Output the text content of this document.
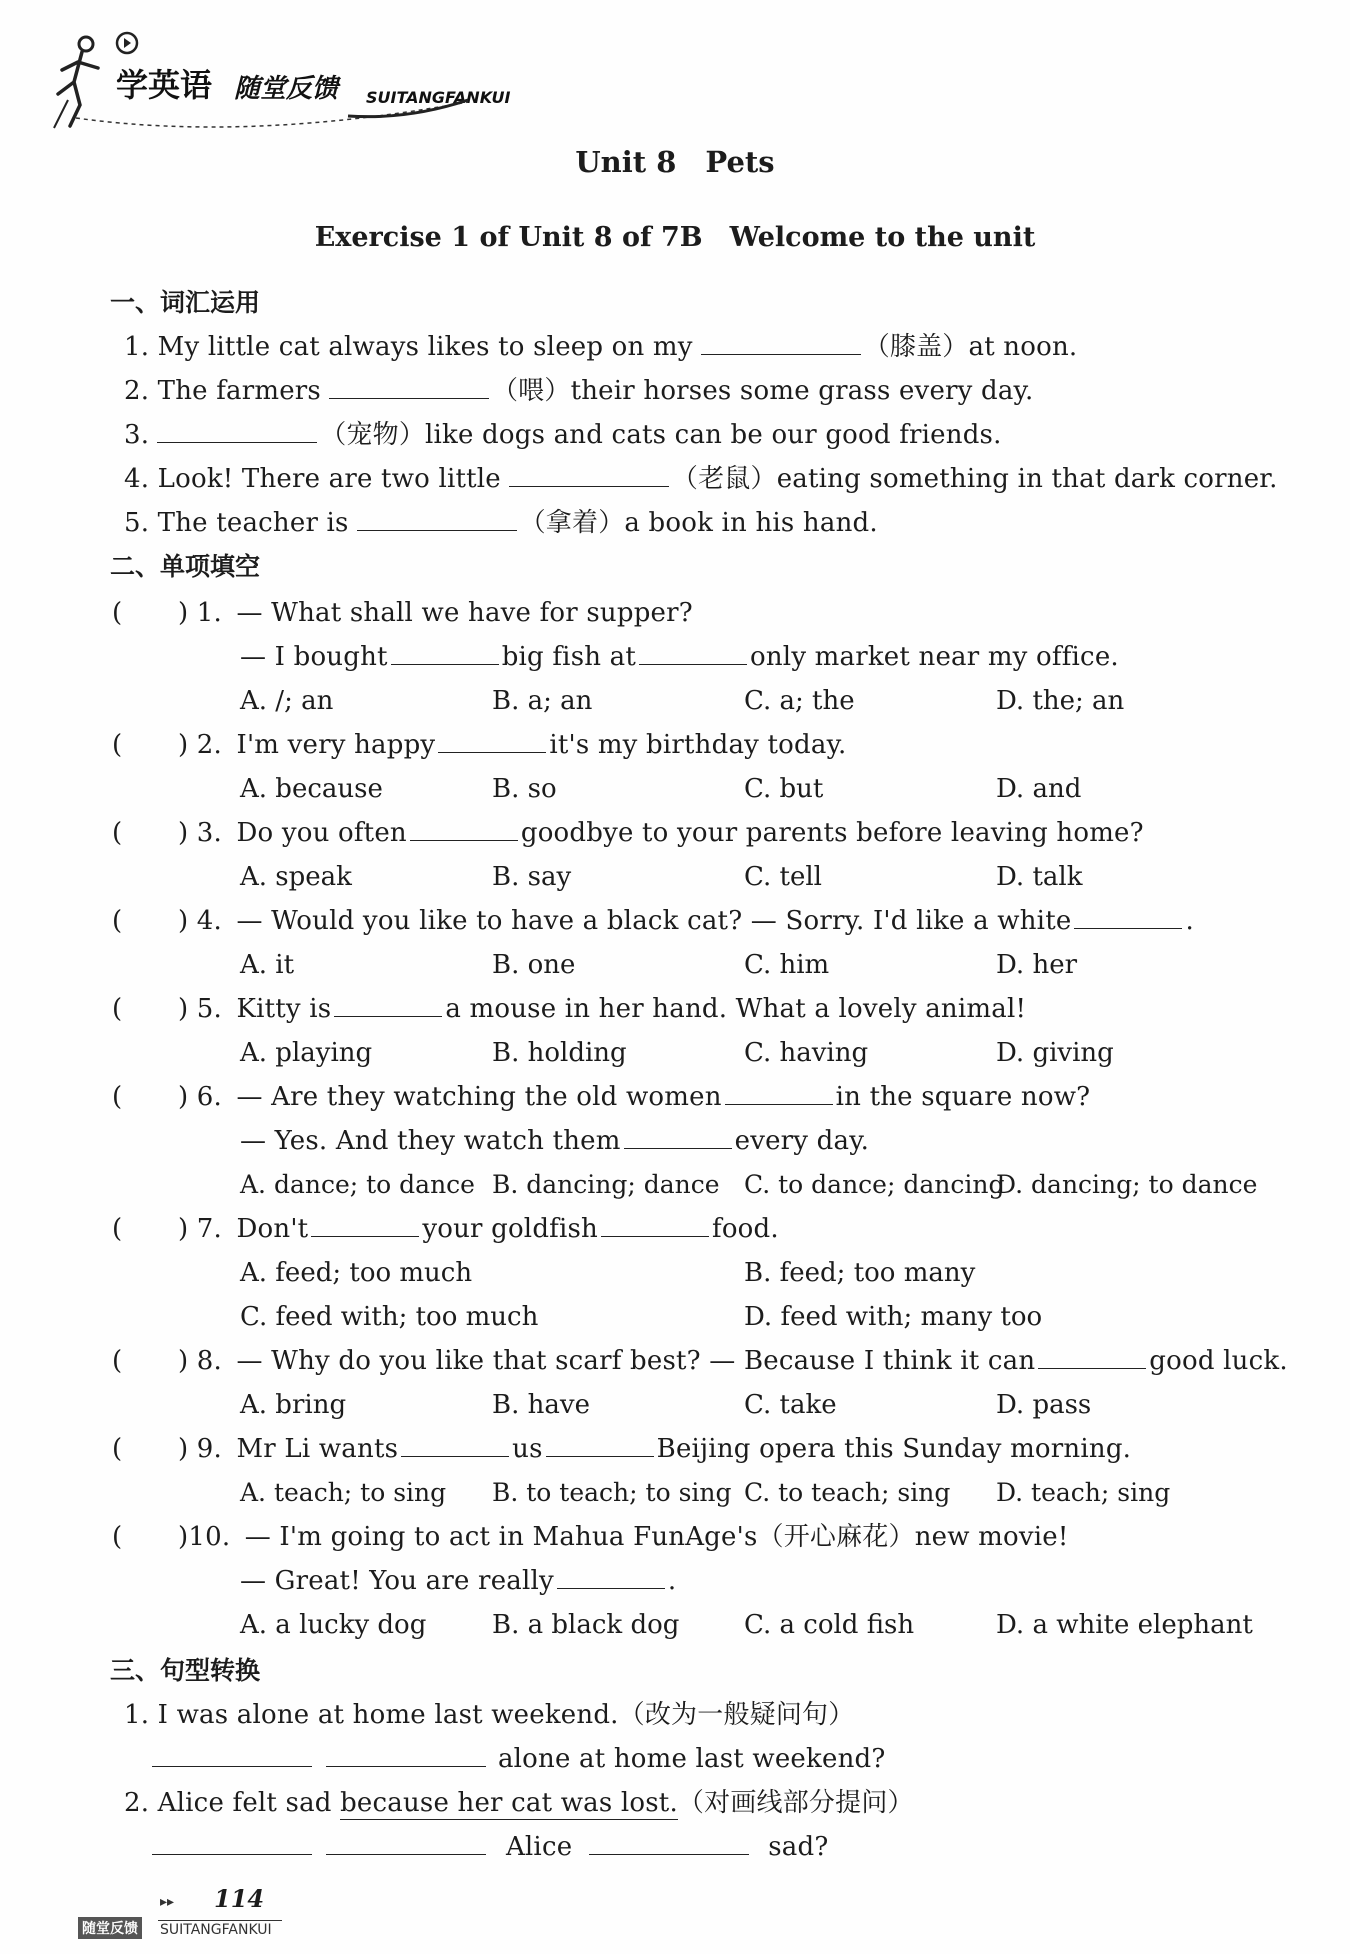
学英语 随堂反馈 SUITANGFANKUI
Unit 8　Pets
Exercise 1 of Unit 8 of 7B　Welcome to the unit
一、词汇运用
1. My little cat always likes to sleep on my	（膝盖）at noon.
2. The farmers	（喂）their horses some grass every day.
3.	（宠物）like dogs and cats can be our good friends.
4. Look! There are two little	（老鼠）eating something in that dark corner.
5. The teacher is	（拿着）a book in his hand.
二、单项填空
( ) 1. — What shall we have for supper?
— I bought	big fish at	only market near my office.
A. /; an	B. a; an	C. a; the	D. the; an
( ) 2. I'm very happy	it's my birthday today.
A. because	B. so	C. but	D. and
( ) 3. Do you often	goodbye to your parents before leaving home?
A. speak	B. say	C. tell	D. talk
( ) 4. — Would you like to have a black cat? — Sorry. I'd like a white	.
A. it	B. one	C. him	D. her
( ) 5. Kitty is	a mouse in her hand. What a lovely animal!
A. playing	B. holding	C. having	D. giving
( ) 6. — Are they watching the old women	in the square now?
— Yes. And they watch them	every day.
A. dance; to dance B. dancing; dance C. to dance; dancing
D. dancing; to dance
( ) 7. Don't	your goldfish	food.
A. feed; too much	B. feed; too many
C. feed with; too much	D. feed with; many too
( ) 8. — Why do you like that scarf best? — Because I think it can	good luck.
A. bring	B. have	C. take	D. pass
( ) 9. Mr Li wants	us	Beijing opera this Sunday morning.
A. teach; to sing B. to teach; to sing C. to teach; sing D. teach; sing
( )10. — I'm going to act in Mahua FunAge's（开心麻花）new movie!
— Great! You are really	.
A. a lucky dog	B. a black dog C. a cold fish	D. a white elephant
三、句型转换
1. I was alone at home last weekend.（改为一般疑问句）
alone at home last weekend?
2. Alice felt sad because her cat was lost.（对画线部分提问）
Alice	sad?
▸▸ 114
随堂反馈 SUITANGFANKUI
